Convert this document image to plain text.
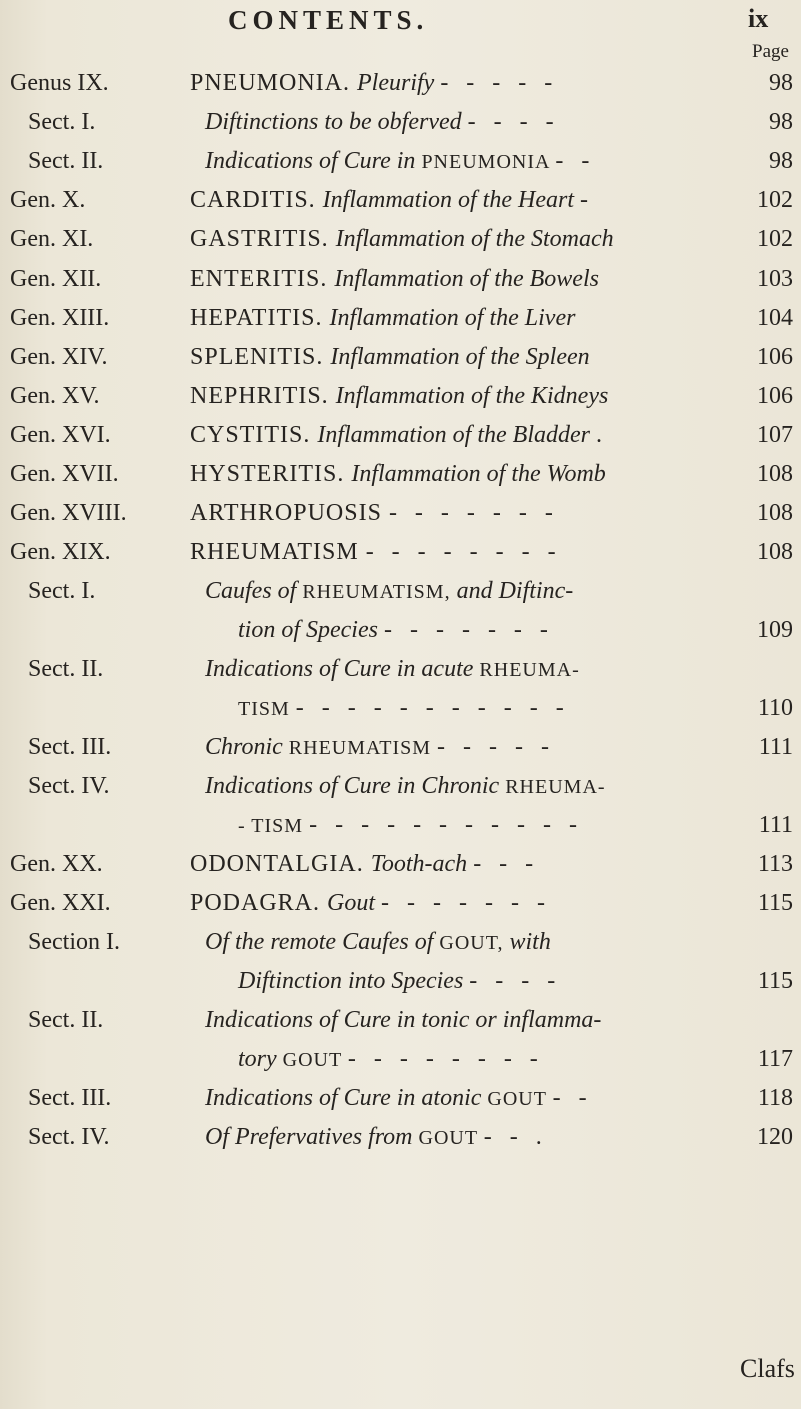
CONTENTS.	ix
Page
Genus IX.	PNEUMONIA. Pleurify - - - - -	98
Sect. I.	Diftinctions to be obferved - - - -	98
Sect. II.	Indications of Cure in PNEUMONIA - -	98
Gen. X.	CARDITIS. Inflammation of the Heart -	102
Gen. XI.	GASTRITIS. Inflammation of the Stomach	102
Gen. XII.	ENTERITIS. Inflammation of the Bowels	103
Gen. XIII.	HEPATITIS. Inflammation of the Liver	104
Gen. XIV.	SPLENITIS. Inflammation of the Spleen	106
Gen. XV.	NEPHRITIS. Inflammation of the Kidneys	106
Gen. XVI.	CYSTITIS. Inflammation of the Bladder .	107
Gen. XVII.	HYSTERITIS. Inflammation of the Womb	108
Gen. XVIII.	ARTHROPUOSIS - - - - - - -	108
Gen. XIX.	RHEUMATISM - - - - - - - -	108
Sect. I.	Caufes of RHEUMATISM, and Diftinc-
tion of Species - - - - - - -	109
Sect. II.	Indications of Cure in acute RHEUMA-
TISM - - - - - - - - - - -	110
Sect. III.	Chronic RHEUMATISM - - - - -	111
Sect. IV.	Indications of Cure in Chronic RHEUMA-
- TISM - - - - - - - - - - -	111
Gen. XX.	ODONTALGIA. Tooth-ach - - -	113
Gen. XXI.	PODAGRA. Gout - - - - - - -	115
Section I.	Of the remote Caufes of GOUT, with
Diftinction into Species - - - -	115
Sect. II.	Indications of Cure in tonic or inflamma-
tory GOUT - - - - - - - -	117
Sect. III.	Indications of Cure in atonic GOUT - -	118
Sect. IV.	Of Prefervatives from GOUT - - .	120
Clafs
